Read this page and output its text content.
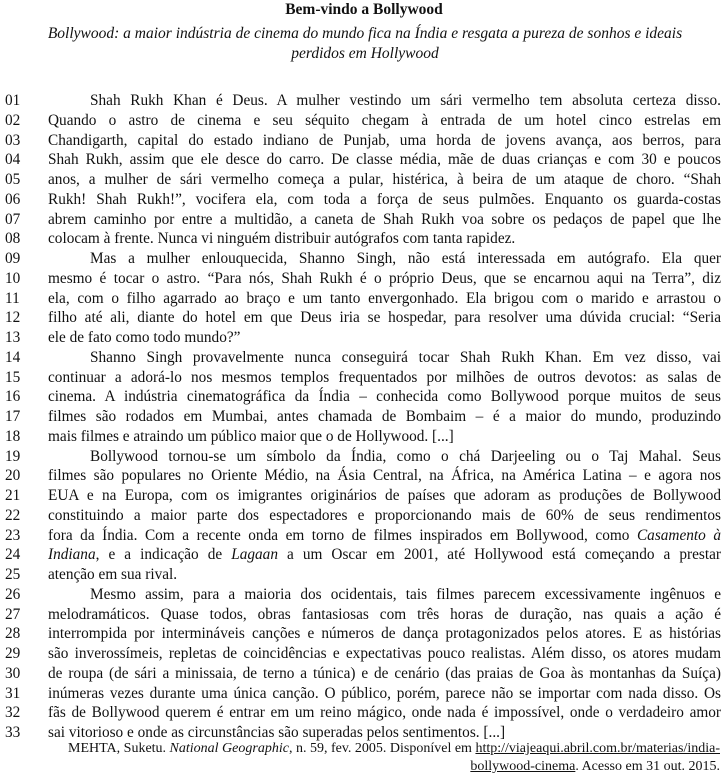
Bem-vindo a Bollywood
Bollywood: a maior indústria de cinema do mundo fica na Índia e resgata a pureza de sonhos e ideais perdidos em Hollywood
01	Shah Rukh Khan é Deus. A mulher vestindo um sári vermelho tem absoluta certeza disso.
02	Quando o astro de cinema e seu séquito chegam à entrada de um hotel cinco estrelas em
03	Chandigarth, capital do estado indiano de Punjab, uma horda de jovens avança, aos berros, para
04	Shah Rukh, assim que ele desce do carro. De classe média, mãe de duas crianças e com 30 e poucos
05	anos, a mulher de sári vermelho começa a pular, histérica, à beira de um ataque de choro. “Shah
06	Rukh! Shah Rukh!”, vocifera ela, com toda a força de seus pulmões. Enquanto os guarda-costas
07	abrem caminho por entre a multidão, a caneta de Shah Rukh voa sobre os pedaços de papel que lhe
08	colocam à frente. Nunca vi ninguém distribuir autógrafos com tanta rapidez.
09	Mas a mulher enlouquecida, Shanno Singh, não está interessada em autógrafo. Ela quer
10	mesmo é tocar o astro. “Para nós, Shah Rukh é o próprio Deus, que se encarnou aqui na Terra”, diz
11	ela, com o filho agarrado ao braço e um tanto envergonhado. Ela brigou com o marido e arrastou o
12	filho até ali, diante do hotel em que Deus iria se hospedar, para resolver uma dúvida crucial: “Seria
13	ele de fato como todo mundo?”
14	Shanno Singh provavelmente nunca conseguirá tocar Shah Rukh Khan. Em vez disso, vai
15	continuar a adorá-lo nos mesmos templos frequentados por milhões de outros devotos: as salas de
16	cinema. A indústria cinematográfica da Índia – conhecida como Bollywood porque muitos de seus
17	filmes são rodados em Mumbai, antes chamada de Bombaim – é a maior do mundo, produzindo
18	mais filmes e atraindo um público maior que o de Hollywood. [...]
19	Bollywood tornou-se um símbolo da Índia, como o chá Darjeeling ou o Taj Mahal. Seus
20	filmes são populares no Oriente Médio, na Ásia Central, na África, na América Latina – e agora nos
21	EUA e na Europa, com os imigrantes originários de países que adoram as produções de Bollywood
22	constituindo a maior parte dos espectadores e proporcionando mais de 60% de seus rendimentos
23	fora da Índia. Com a recente onda em torno de filmes inspirados em Bollywood, como Casamento à
24	Indiana, e a indicação de Lagaan a um Oscar em 2001, até Hollywood está começando a prestar
25	atenção em sua rival.
26	Mesmo assim, para a maioria dos ocidentais, tais filmes parecem excessivamente ingênuos e
27	melodramáticos. Quase todos, obras fantasiosas com três horas de duração, nas quais a ação é
28	interrompida por intermináveis canções e números de dança protagonizados pelos atores. E as histórias
29	são inverossímeis, repletas de coincidências e expectativas pouco realistas. Além disso, os atores mudam
30	de roupa (de sári a minissaia, de terno a túnica) e de cenário (das praias de Goa às montanhas da Suíça)
31	inúmeras vezes durante uma única canção. O público, porém, parece não se importar com nada disso. Os
32	fãs de Bollywood querem é entrar em um reino mágico, onde nada é impossível, onde o verdadeiro amor
33	sai vitorioso e onde as circunstâncias são superadas pelos sentimentos. [...]
MEHTA, Suketu. National Geographic, n. 59, fev. 2005. Disponível em http://viajeaqui.abril.com.br/materias/india-bollywood-cinema. Acesso em 31 out. 2015.
